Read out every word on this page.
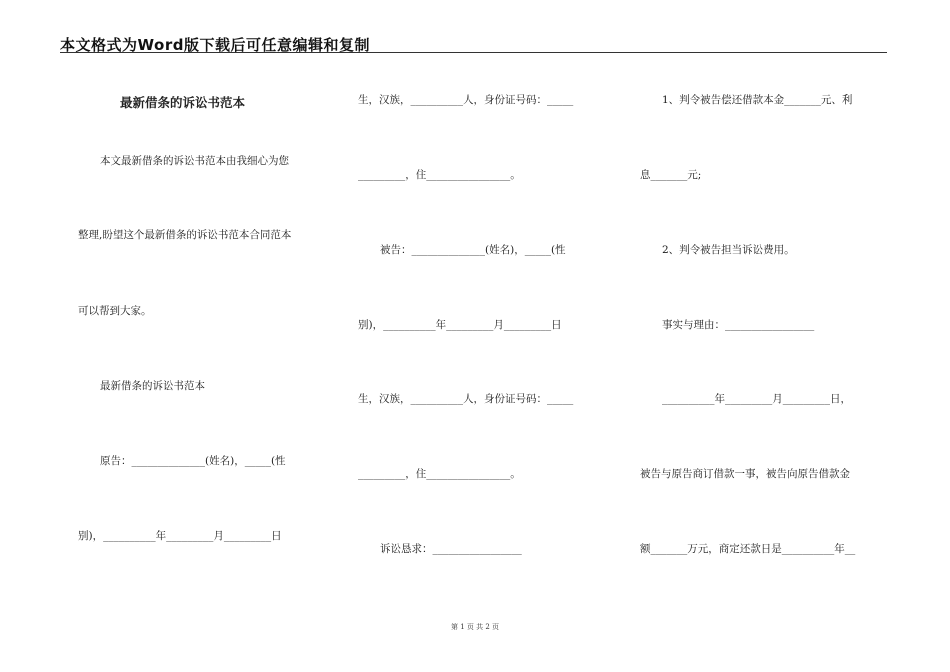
本文格式为Word版下载后可任意编辑和复制
最新借条的诉讼书范本
本文最新借条的诉讼书范本由我细心为您
整理,盼望这个最新借条的诉讼书范本合同范本
可以帮到大家。
最新借条的诉讼书范本
原告：______________(姓名)，_____(性
别)，__________年_________月_________日
生，汉族，__________人，身份证号码：_____
_________，住________________。
被告：______________(姓名)，_____(性
别)，__________年_________月_________日
生，汉族，__________人，身份证号码：_____
_________，住________________。
诉讼恳求：_________________
1、判令被告偿还借款本金_______元、利
息_______元;
2、判令被告担当诉讼费用。
事实与理由：_________________
__________年_________月_________日，
被告与原告商订借款一事，被告向原告借款金
额_______万元，商定还款日是__________年__
第 1 页 共 2 页
